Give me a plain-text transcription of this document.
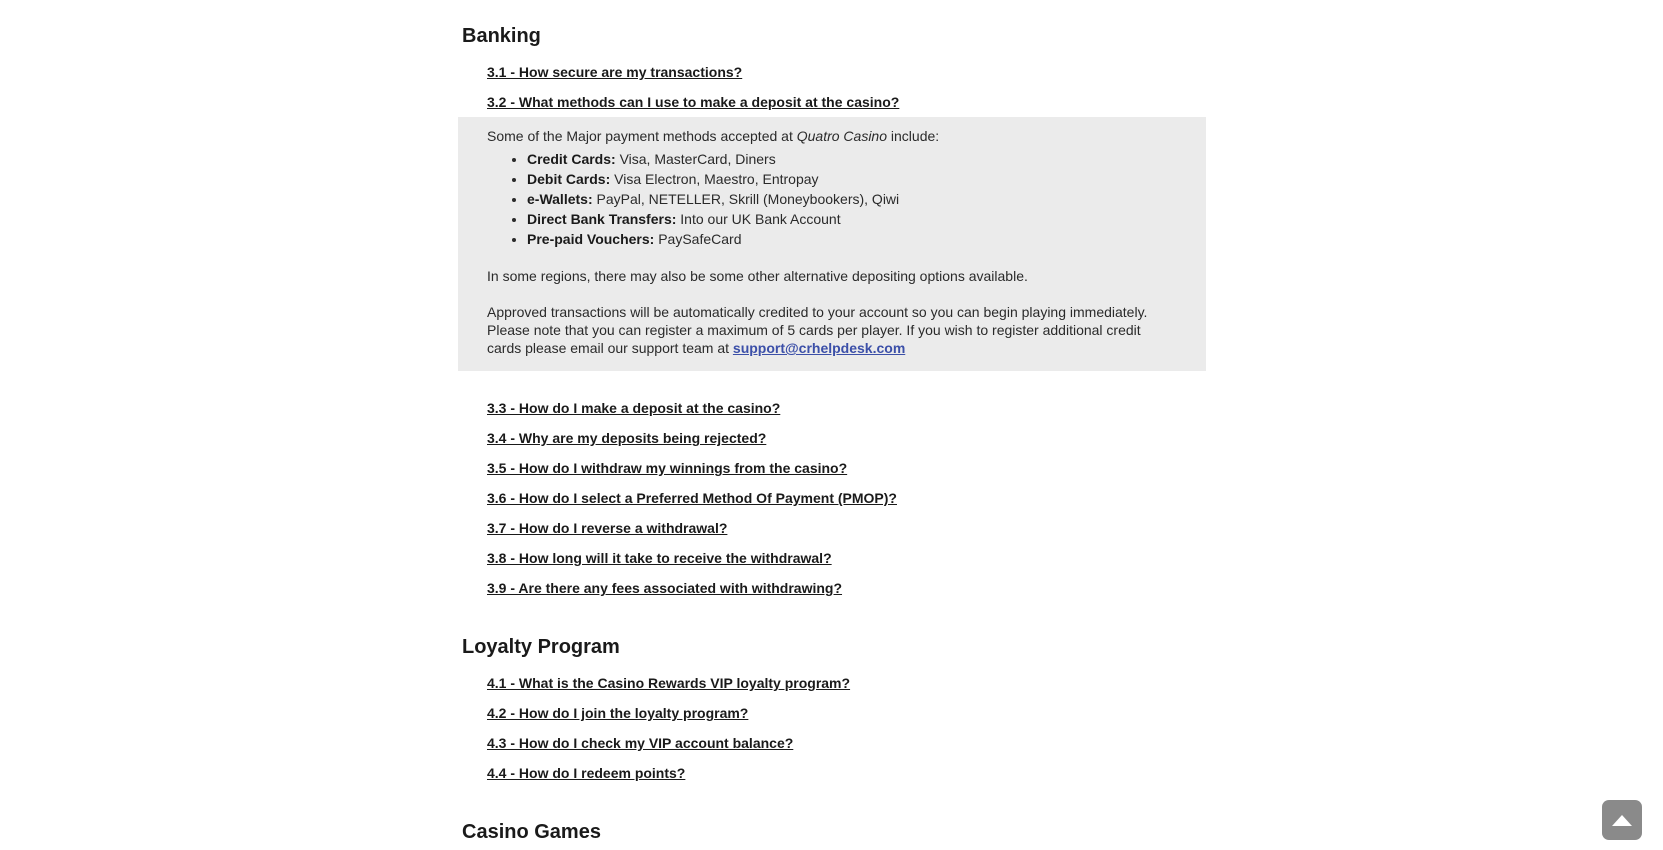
Banking
3.1 - How secure are my transactions?
3.2 - What methods can I use to make a deposit at the casino?

Some of the Major payment methods accepted at Quatro Casino include:

• Credit Cards: Visa, MasterCard, Diners
• Debit Cards: Visa Electron, Maestro, Entropay
• e-Wallets: PayPal, NETELLER, Skrill (Moneybookers), Qiwi
• Direct Bank Transfers: Into our UK Bank Account
• Pre-paid Vouchers: PaySafeCard

In some regions, there may also be some other alternative depositing options available.

Approved transactions will be automatically credited to your account so you can begin playing immediately. Please note that you can register a maximum of 5 cards per player. If you wish to register additional credit cards please email our support team at support@crhelpdesk.com

3.3 - How do I make a deposit at the casino?
3.4 - Why are my deposits being rejected?
3.5 - How do I withdraw my winnings from the casino?
3.6 - How do I select a Preferred Method Of Payment (PMOP)?
3.7 - How do I reverse a withdrawal?
3.8 - How long will it take to receive the withdrawal?
3.9 - Are there any fees associated with withdrawing?
Loyalty Program
4.1 - What is the Casino Rewards VIP loyalty program?
4.2 - How do I join the loyalty program?
4.3 - How do I check my VIP account balance?
4.4 - How do I redeem points?
Casino Games
